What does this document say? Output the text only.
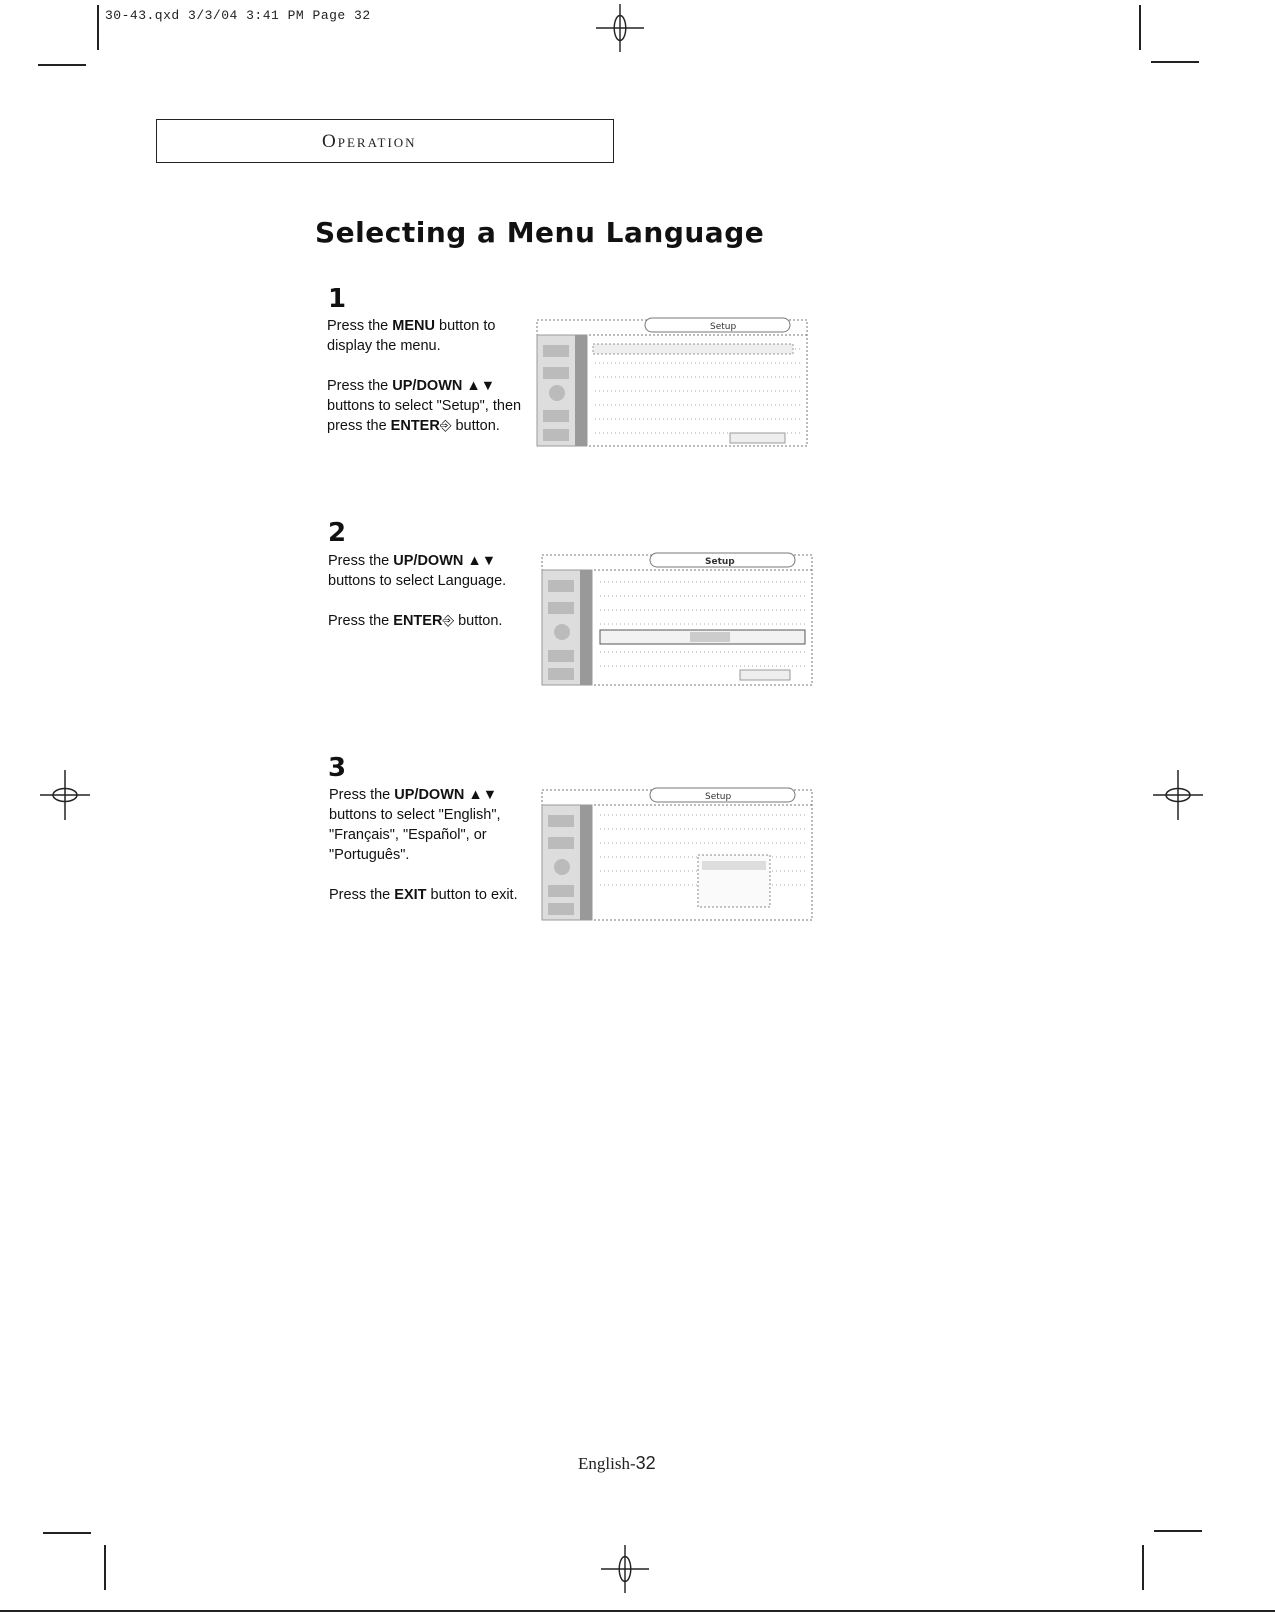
30-43.qxd 3/3/04 3:41 PM Page 32
Operation
Selecting a Menu Language
1

Press the MENU button to display the menu.

Press the UP/DOWN ▲▼ buttons to select "Setup", then press the ENTER⎆ button.

2

Press the UP/DOWN ▲▼ buttons to select Language.

Press the ENTER⎆ button.

3

Press the UP/DOWN ▲▼ buttons to select "English", "Français", "Español", or "Português".

Press the EXIT button to exit.

Setup
Setup
Setup
English-32
